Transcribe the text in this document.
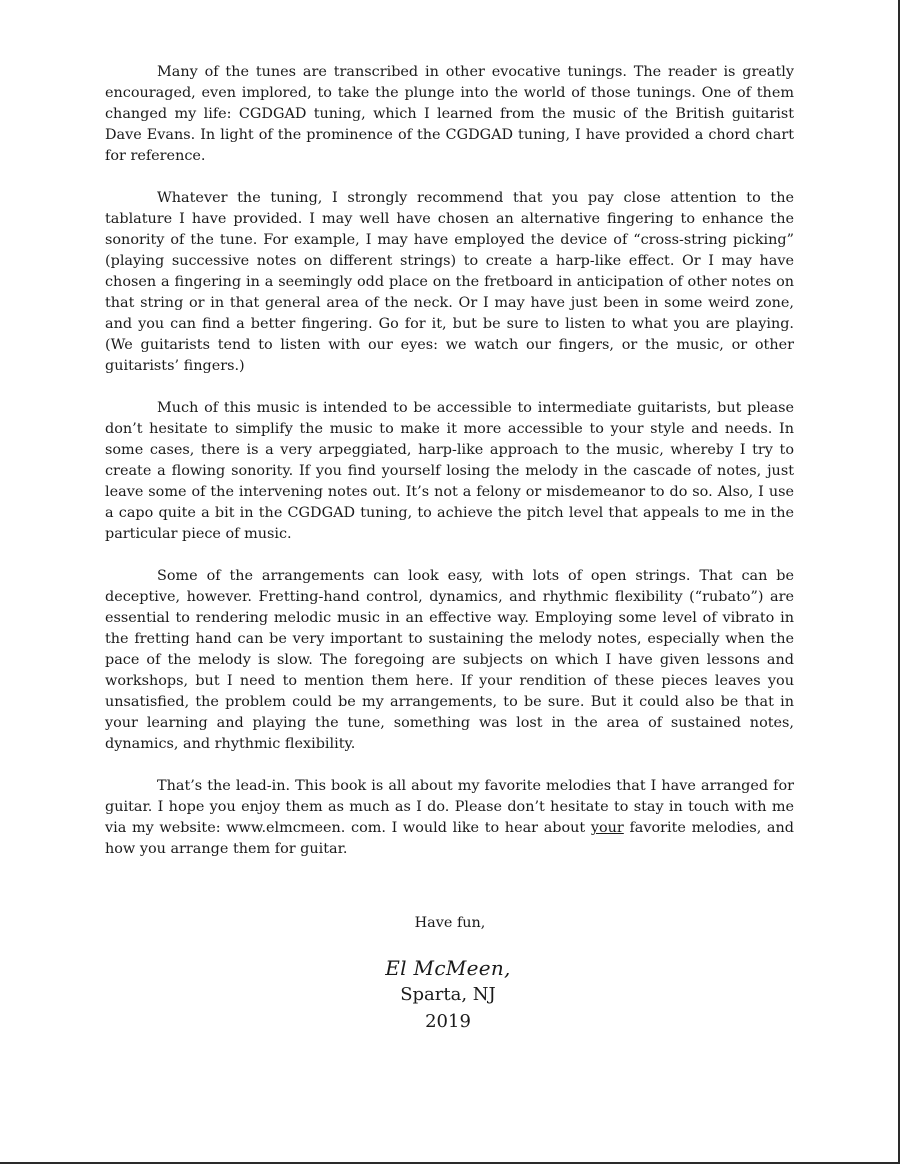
Many of the tunes are transcribed in other evocative tunings. The reader is greatly encouraged, even implored, to take the plunge into the world of those tunings. One of them changed my life: CGDGAD tuning, which I learned from the music of the British guitarist Dave Evans. In light of the prominence of the CGDGAD tuning, I have provided a chord chart for reference.

Whatever the tuning, I strongly recommend that you pay close attention to the tablature I have provided. I may well have chosen an alternative fingering to enhance the sonority of the tune. For example, I may have employed the device of “cross-string picking” (playing successive notes on different strings) to create a harp-like effect. Or I may have chosen a fingering in a seemingly odd place on the fretboard in anticipation of other notes on that string or in that general area of the neck. Or I may have just been in some weird zone, and you can find a better fingering. Go for it, but be sure to listen to what you are playing. (We guitarists tend to listen with our eyes: we watch our fingers, or the music, or other guitarists’ fingers.)

Much of this music is intended to be accessible to intermediate guitarists, but please don’t hesitate to simplify the music to make it more accessible to your style and needs. In some cases, there is a very arpeggiated, harp-like approach to the music, whereby I try to create a flowing sonority. If you find yourself losing the melody in the cascade of notes, just leave some of the intervening notes out. It’s not a felony or misdemeanor to do so. Also, I use a capo quite a bit in the CGDGAD tuning, to achieve the pitch level that appeals to me in the particular piece of music.

Some of the arrangements can look easy, with lots of open strings. That can be deceptive, however. Fretting-hand control, dynamics, and rhythmic flexibility (“rubato”) are essential to rendering melodic music in an effective way. Employing some level of vibrato in the fretting hand can be very important to sustaining the melody notes, especially when the pace of the melody is slow. The foregoing are subjects on which I have given lessons and workshops, but I need to mention them here. If your rendition of these pieces leaves you unsatisfied, the problem could be my arrangements, to be sure. But it could also be that in your learning and playing the tune, something was lost in the area of sustained notes, dynamics, and rhythmic flexibility.

That’s the lead-in. This book is all about my favorite melodies that I have arranged for guitar. I hope you enjoy them as much as I do. Please don’t hesitate to stay in touch with me via my website: www.elmcmeen. com. I would like to hear about your favorite melodies, and how you arrange them for guitar.

Have fun,
El McMeen,
Sparta, NJ
2019
